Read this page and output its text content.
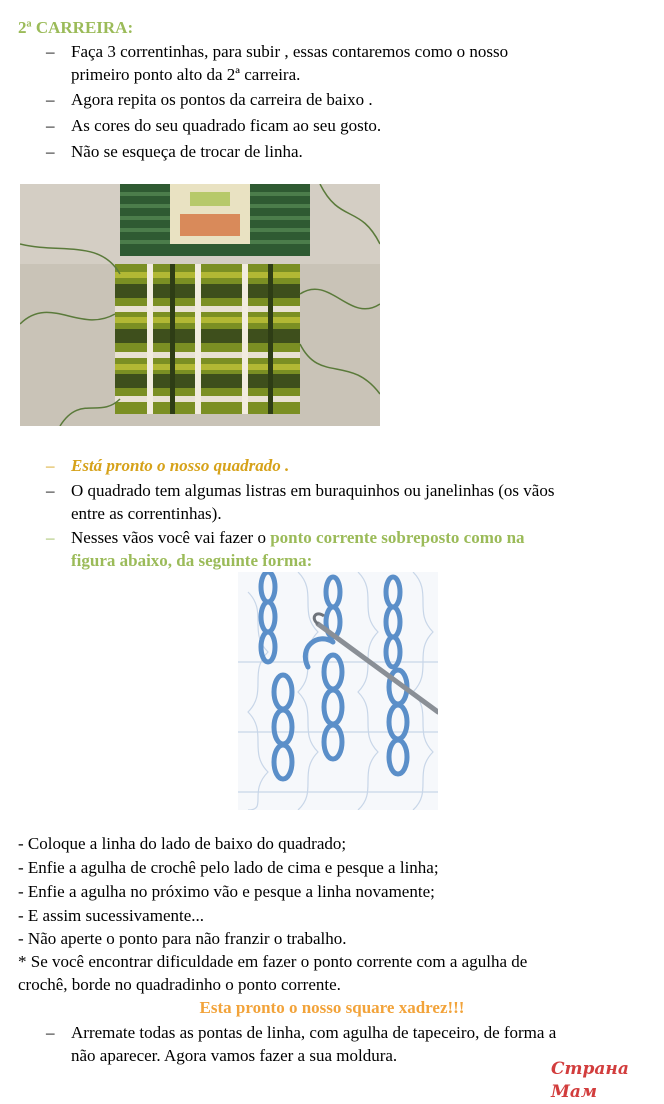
2ª CARREIRA:
– Faça 3 correntinhas, para subir , essas contaremos como o nosso
primeiro ponto alto da 2ª carreira.
– Agora repita os pontos da carreira de baixo .
– As cores do seu quadrado ficam ao seu gosto.
– Não se esqueça de trocar de linha.
– Está pronto o nosso quadrado .
– O quadrado tem algumas listras em buraquinhos ou janelinhas (os vãos
entre as correntinhas).
– Nesses vãos você vai fazer o ponto corrente sobreposto como na
figura abaixo, da seguinte forma:
- Coloque a linha do lado de baixo do quadrado;
- Enfie a agulha de crochê pelo lado de cima e pesque a linha;
- Enfie a agulha no próximo vão e pesque a linha novamente;
- E assim sucessivamente...
- Não aperte o ponto para não franzir o trabalho.
* Se você encontrar dificuldade em fazer o ponto corrente com a agulha de
crochê, borde no quadradinho o ponto corrente.
Esta pronto o nosso square xadrez!!!
– Arremate todas as pontas de linha, com agulha de tapeceiro, de forma a
não aparecer. Agora vamos fazer a sua moldura.
Страна Мам
